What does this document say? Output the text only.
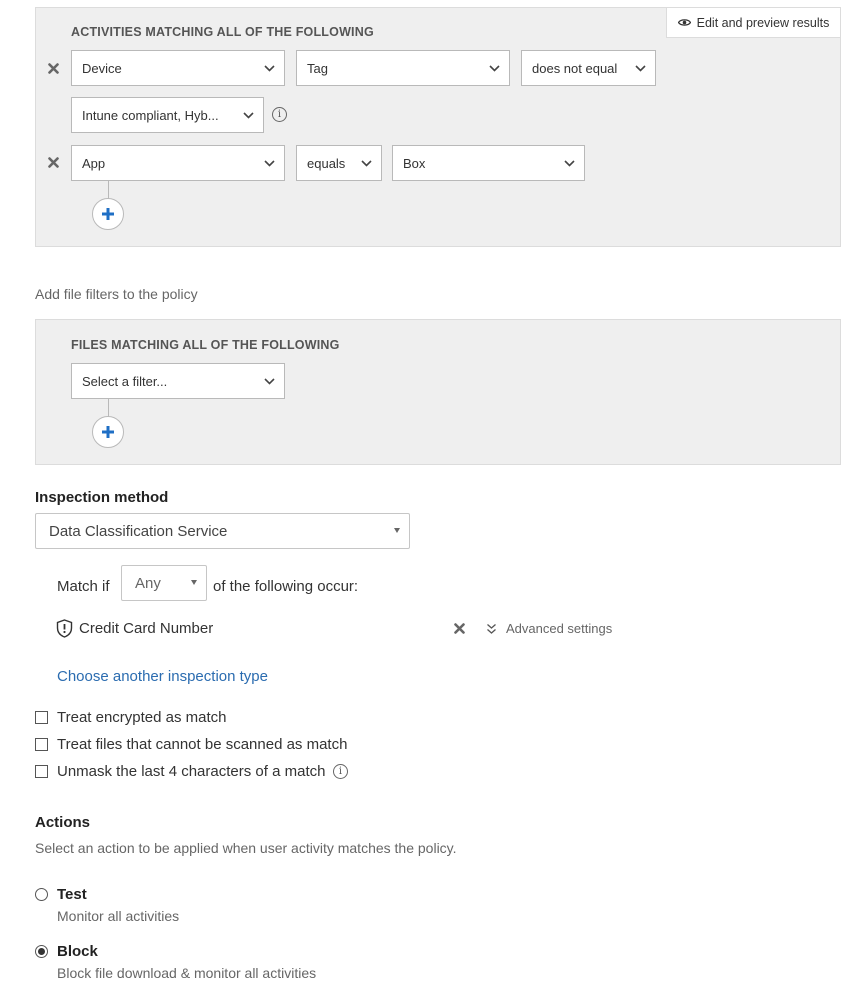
ACTIVITIES MATCHING ALL OF THE FOLLOWING
Edit and preview results
Device	Tag	does not equal
Intune compliant, Hyb...	i
App	equals	Box
Add file filters to the policy
FILES MATCHING ALL OF THE FOLLOWING
Select a filter...
Inspection method
Data Classification Service
Match if Any	of the following occur:
Credit Card Number	Advanced settings
Choose another inspection type
Treat encrypted as match
Treat files that cannot be scanned as match
Unmask the last 4 characters of a match	i
Actions
Select an action to be applied when user activity matches the policy.
Test
Monitor all activities
Block
Block file download & monitor all activities
